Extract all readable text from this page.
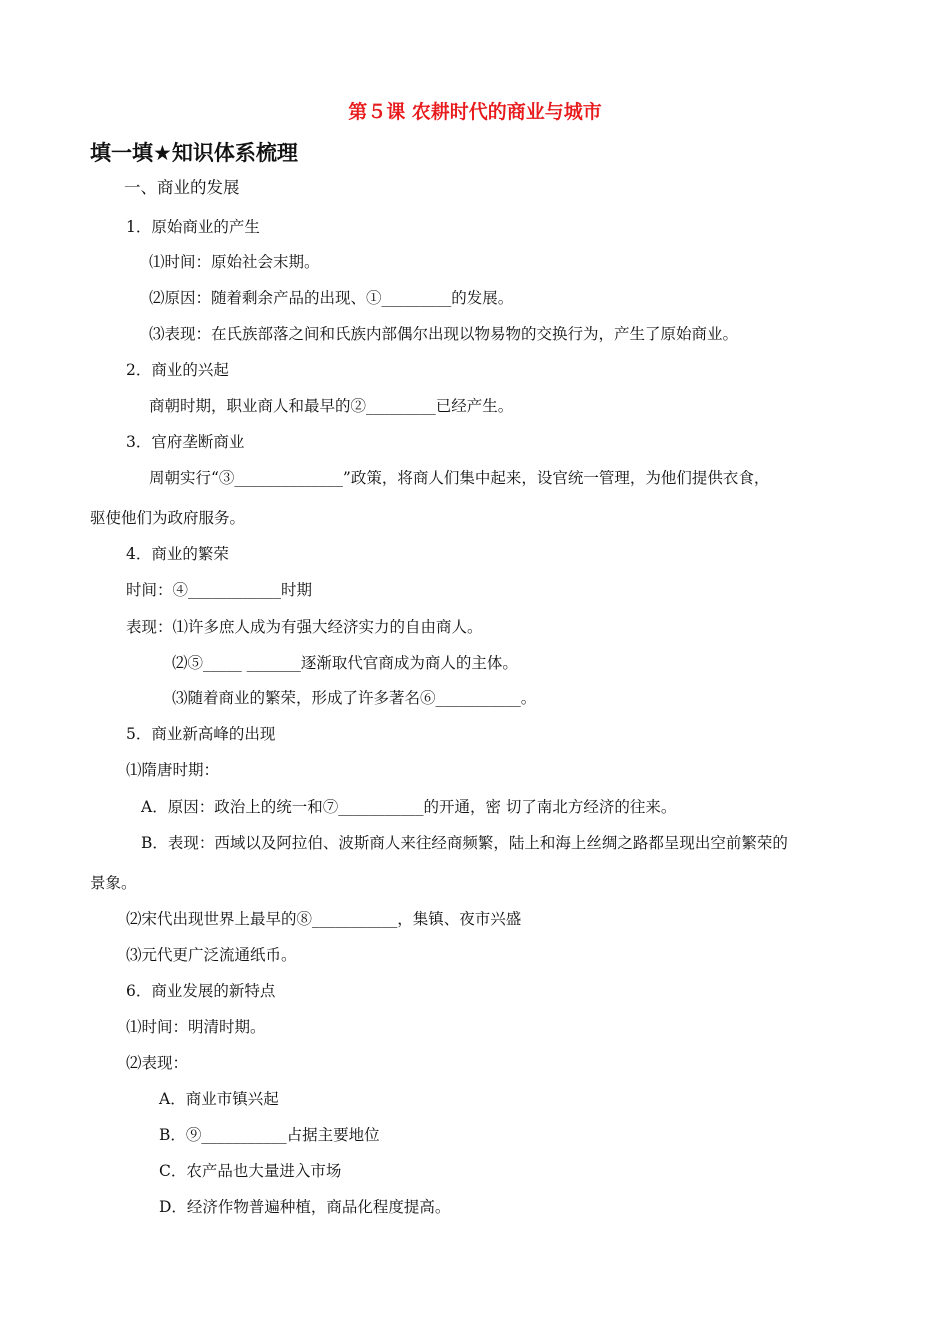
第５课 农耕时代的商业与城市
填一填★知识体系梳理
一、商业的发展
1．原始商业的产生
⑴时间：原始社会末期。
⑵原因：随着剩余产品的出现、①_________的发展。
⑶表现：在氏族部落之间和氏族内部偶尔出现以物易物的交换行为，产生了原始商业。
2．商业的兴起
商朝时期，职业商人和最早的②_________已经产生。
3．官府垄断商业
周朝实行“③______________”政策，将商人们集中起来，设官统一管理，为他们提供衣食，
驱使他们为政府服务。
4．商业的繁荣
时间：④____________时期
表现：⑴许多庶人成为有强大经济实力的自由商人。
⑵⑤_____ _______逐渐取代官商成为商人的主体。
⑶随着商业的繁荣，形成了许多著名⑥___________。
5．商业新高峰的出现
⑴隋唐时期：
A．原因：政治上的统一和⑦___________的开通，密 切了南北方经济的往来。
B．表现：西域以及阿拉伯、波斯商人来往经商频繁，陆上和海上丝绸之路都呈现出空前繁荣的
景象。
⑵宋代出现世界上最早的⑧___________，集镇、夜市兴盛
⑶元代更广泛流通纸币。
6．商业发展的新特点
⑴时间：明清时期。
⑵表现：
A．商业市镇兴起
B．⑨___________占据主要地位
C．农产品也大量进入市场
D．经济作物普遍种植，商品化程度提高。
